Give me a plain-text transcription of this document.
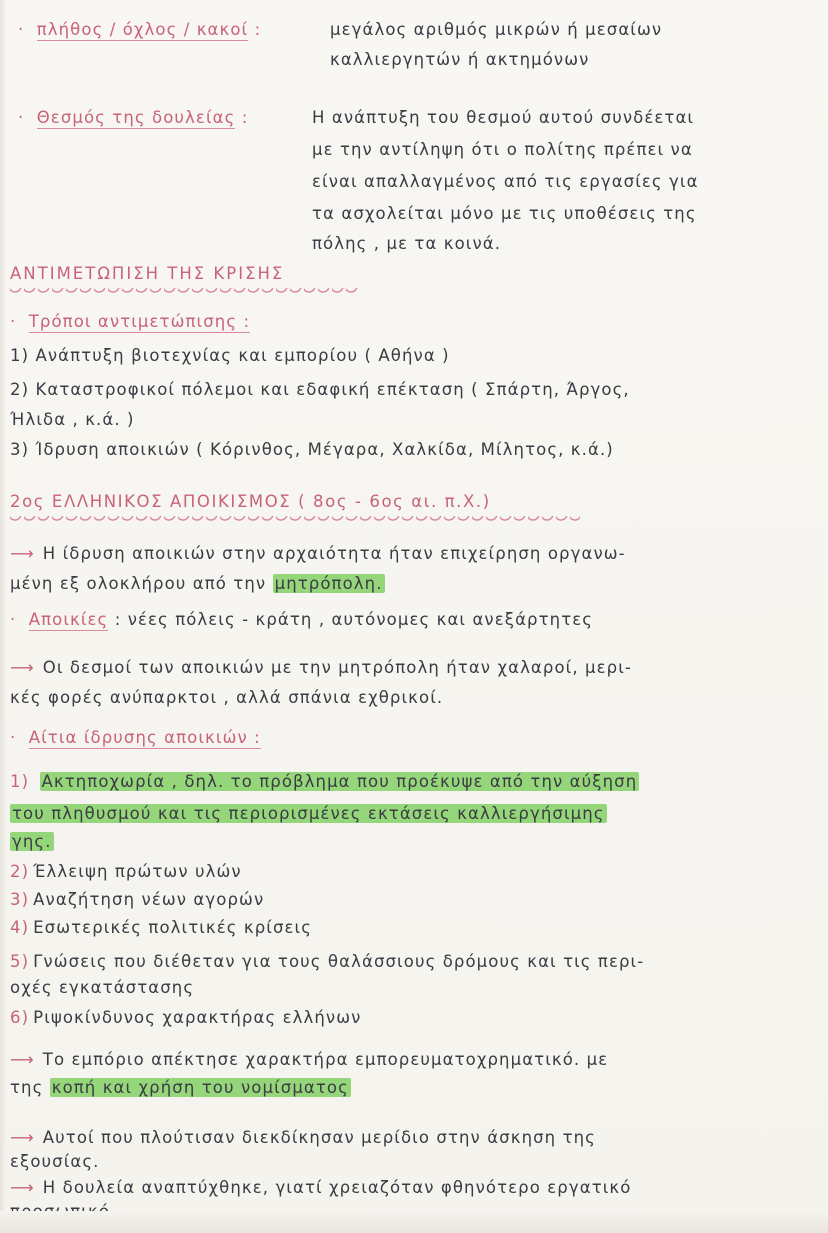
· πλήθος / όχλος / κακοί :	μεγάλος αριθμός μικρών ή μεσαίων
καλλιεργητών ή ακτημόνων
· Θεσμός της δουλείας :	Η ανάπτυξη του θεσμού αυτού συνδέεται
με την αντίληψη ότι ο πολίτης πρέπει να
είναι απαλλαγμένος από τις εργασίες για
τα ασχολείται μόνο με τις υποθέσεις της
πόλης , με τα κοινά.
ΑΝΤΙΜΕΤΩΠΙΣΗ ΤΗΣ ΚΡΙΣΗΣ
· Τρόποι αντιμετώπισης :
1) Ανάπτυξη βιοτεχνίας και εμπορίου ( Αθήνα )
2) Καταστροφικοί πόλεμοι και εδαφική επέκταση ( Σπάρτη, Άργος,
Ήλιδα , κ.ά. )
3) Ίδρυση αποικιών ( Κόρινθος, Μέγαρα, Χαλκίδα, Μίλητος, κ.ά.)
2ος ΕΛΛΗΝΙΚΟΣ ΑΠΟΙΚΙΣΜΟΣ ( 8ος - 6ος αι. π.Χ.)
⟶ Η ίδρυση αποικιών στην αρχαιότητα ήταν επιχείρηση οργανω-
μένη εξ ολοκλήρου από την μητρόπολη.
· Αποικίες : νέες πόλεις - κράτη , αυτόνομες και ανεξάρτητες
⟶ Οι δεσμοί των αποικιών με την μητρόπολη ήταν χαλαροί, μερι-
κές φορές ανύπαρκτοι , αλλά σπάνια εχθρικοί.
· Αίτια ίδρυσης αποικιών :
1) Ακτηποχωρία , δηλ. το πρόβλημα που προέκυψε από την αύξηση
του πληθυσμού και τις περιορισμένες εκτάσεις καλλιεργήσιμης
γης.
2) Έλλειψη πρώτων υλών
3) Αναζήτηση νέων αγορών
4) Εσωτερικές πολιτικές κρίσεις
5) Γνώσεις που διέθεταν για τους θαλάσσιους δρόμους και τις περι-
οχές εγκατάστασης
6) Ριψοκίνδυνος χαρακτήρας ελλήνων
⟶ Το εμπόριο απέκτησε χαρακτήρα εμπορευματοχρηματικό. με
της κοπή και χρήση του νομίσματος
⟶ Αυτοί που πλούτισαν διεκδίκησαν μερίδιο στην άσκηση της
εξουσίας.
⟶ Η δουλεία αναπτύχθηκε, γιατί χρειαζόταν φθηνότερο εργατικό
